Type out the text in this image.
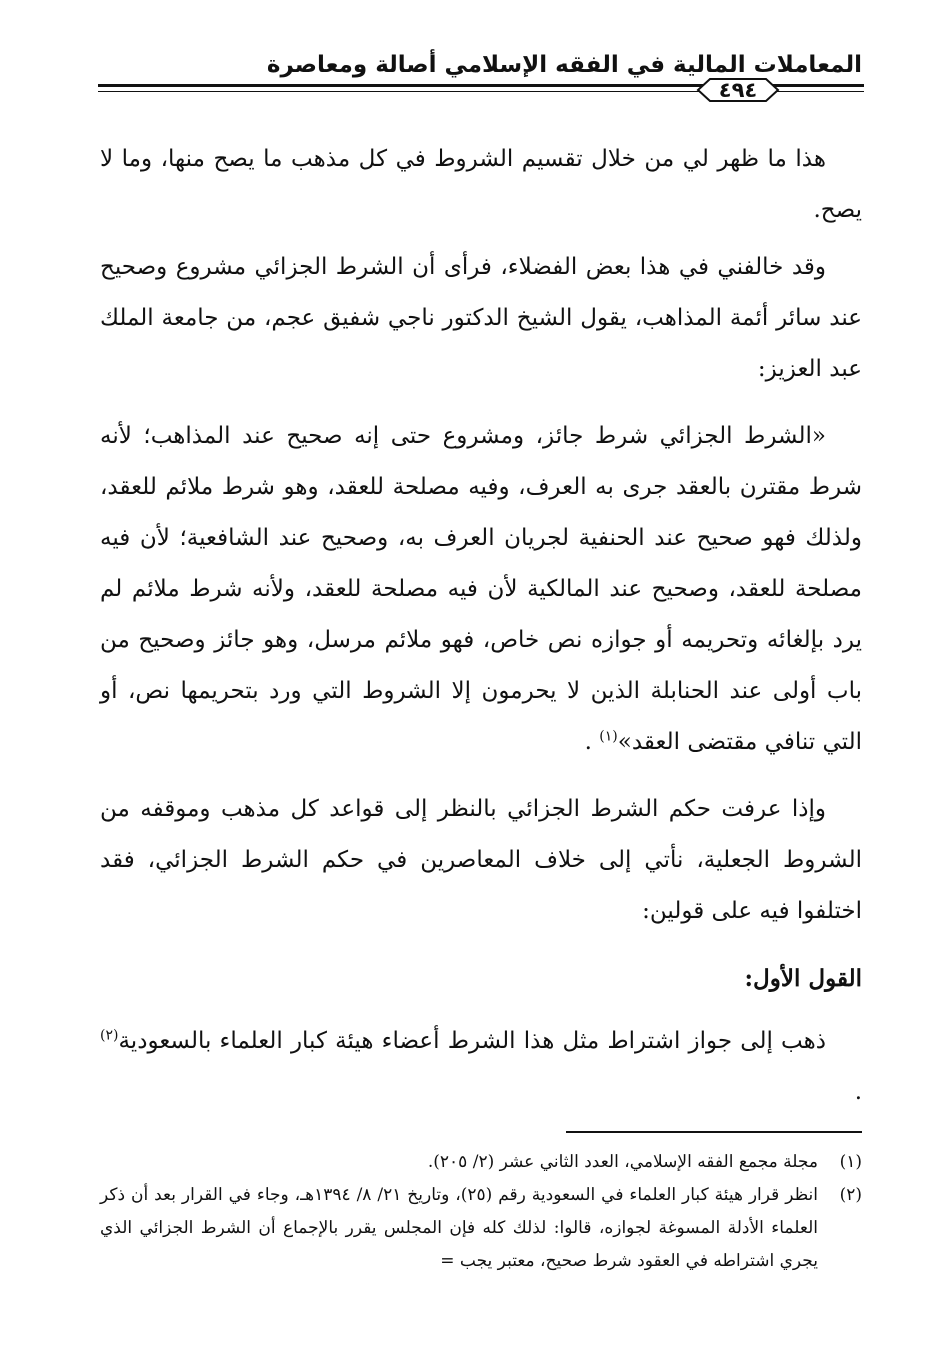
المعاملات المالية في الفقه الإسلامي أصالة ومعاصرة
٤٩٤

هذا ما ظهر لي من خلال تقسيم الشروط في كل مذهب ما يصح منها، وما لا يصح.

وقد خالفني في هذا بعض الفضلاء، فرأى أن الشرط الجزائي مشروع وصحيح عند سائر أئمة المذاهب، يقول الشيخ الدكتور ناجي شفيق عجم، من جامعة الملك عبد العزيز:

«الشرط الجزائي شرط جائز، ومشروع حتى إنه صحيح عند المذاهب؛ لأنه شرط مقترن بالعقد جرى به العرف، وفيه مصلحة للعقد، وهو شرط ملائم للعقد، ولذلك فهو صحيح عند الحنفية لجريان العرف به، وصحيح عند الشافعية؛ لأن فيه مصلحة للعقد، وصحيح عند المالكية لأن فيه مصلحة للعقد، ولأنه شرط ملائم لم يرد بإلغائه وتحريمه أو جوازه نص خاص، فهو ملائم مرسل، وهو جائز وصحيح من باب أولى عند الحنابلة الذين لا يحرمون إلا الشروط التي ورد بتحريمها نص، أو التي تنافي مقتضى العقد»$^{(١)}$ .

وإذا عرفت حكم الشرط الجزائي بالنظر إلى قواعد كل مذهب وموقفه من الشروط الجعلية، نأتي إلى خلاف المعاصرين في حكم الشرط الجزائي، فقد اختلفوا فيه على قولين:

القول الأول:

ذهب إلى جواز اشتراط مثل هذا الشرط أعضاء هيئة كبار العلماء بالسعودية$^{(٢)}$ .

(١)
مجلة مجمع الفقه الإسلامي، العدد الثاني عشر (٢/ ٢٠٥).
(٢)
انظر قرار هيئة كبار العلماء في السعودية رقم (٢٥)، وتاريخ ٢١/ ٨/ ١٣٩٤هـ، وجاء في القرار بعد أن ذكر العلماء الأدلة المسوغة لجوازه، قالوا: لذلك كله فإن المجلس يقرر بالإجماع أن الشرط الجزائي الذي يجري اشتراطه في العقود شرط صحيح، معتبر يجب =
